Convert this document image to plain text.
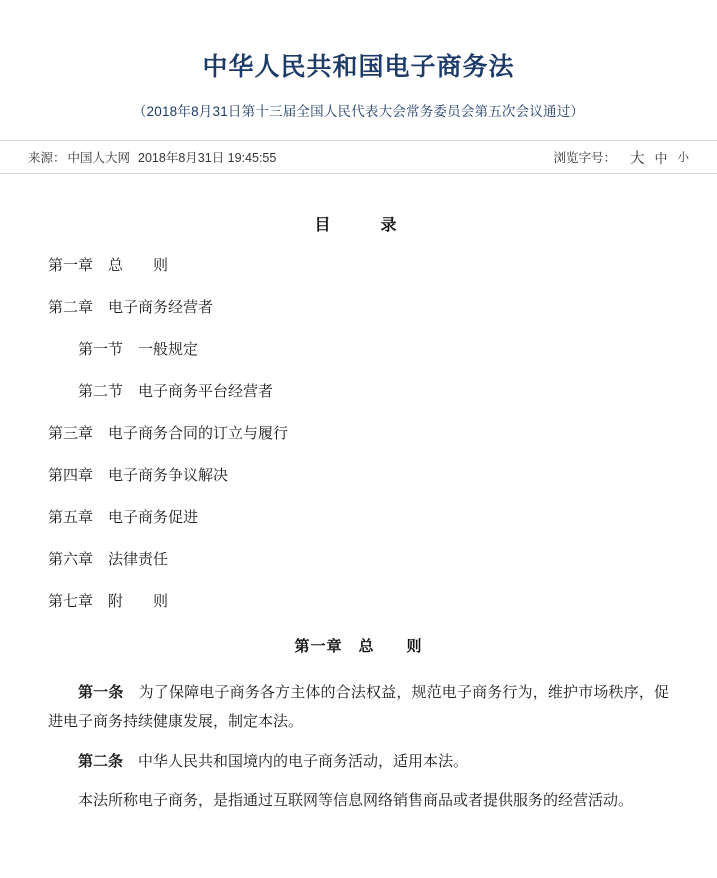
中华人民共和国电子商务法
（2018年8月31日第十三届全国人民代表大会常务委员会第五次会议通过）
来源： 中国人大网 2018年8月31日 19:45:55	浏览字号： 大 中 小
目　　录
第一章　总　　则
第二章　电子商务经营者
第一节　一般规定
第二节　电子商务平台经营者
第三章　电子商务合同的订立与履行
第四章　电子商务争议解决
第五章　电子商务促进
第六章　法律责任
第七章　附　　则
第一章　总　　则

第一条　为了保障电子商务各方主体的合法权益，规范电子商务行为，维护市场秩序，促进电子商务持续健康发展，制定本法。

第二条　中华人民共和国境内的电子商务活动，适用本法。

本法所称电子商务，是指通过互联网等信息网络销售商品或者提供服务的经营活动。
